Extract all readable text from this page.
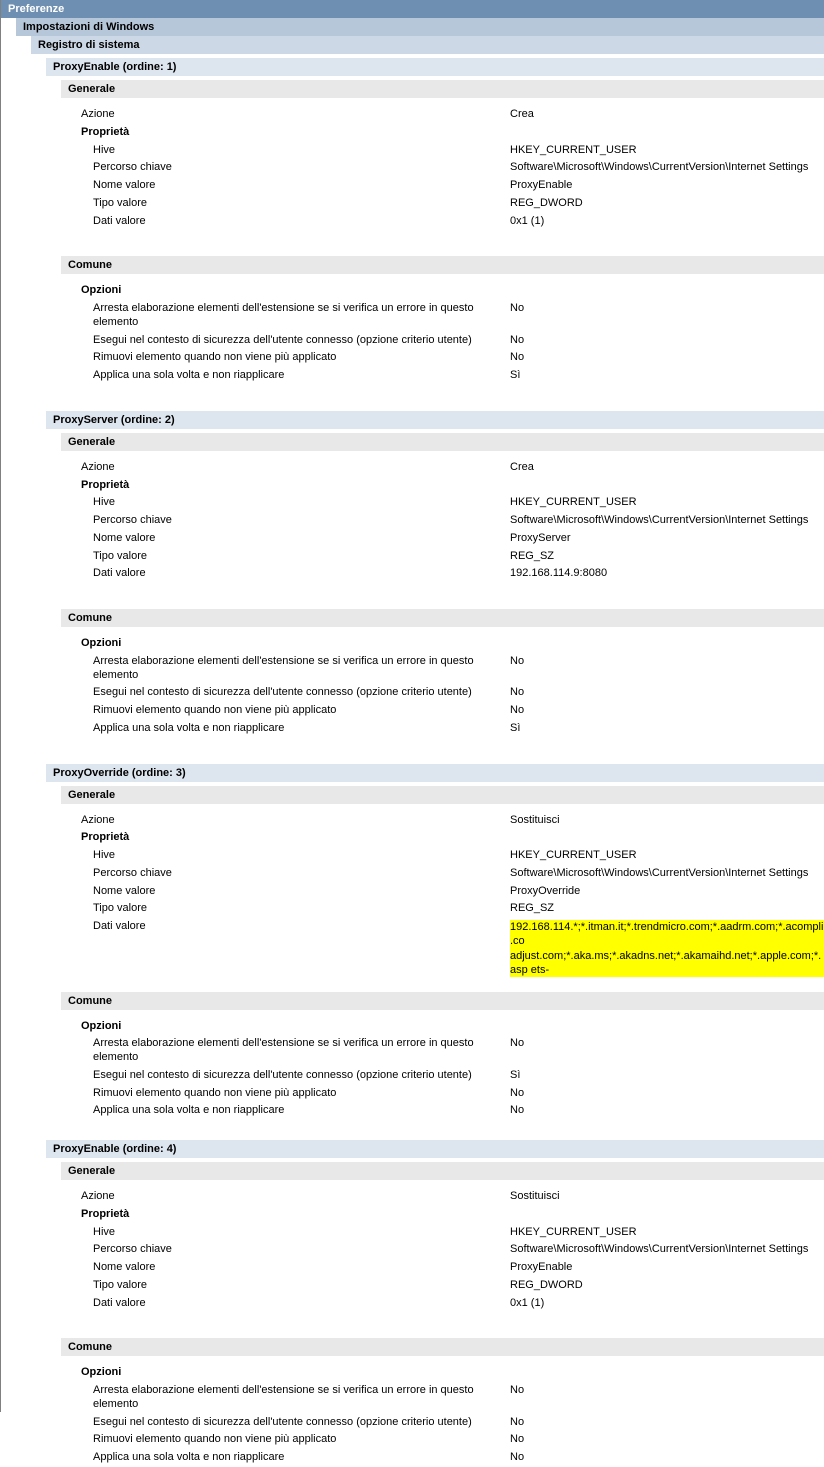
Preferenze
Impostazioni di Windows
Registro di sistema
ProxyEnable (ordine: 1)
Generale
Azione	Crea
Proprietà	
Hive	HKEY_CURRENT_USER
Percorso chiave	Software\Microsoft\Windows\CurrentVersion\Internet Settings
Nome valore	ProxyEnable
Tipo valore	REG_DWORD
Dati valore	0x1 (1)
Comune
Opzioni	
Arresta elaborazione elementi dell'estensione se si verifica un errore in questo elemento	No
Esegui nel contesto di sicurezza dell'utente connesso (opzione criterio utente)	No
Rimuovi elemento quando non viene più applicato	No
Applica una sola volta e non riapplicare	Sì
ProxyServer (ordine: 2)
Generale
Azione	Crea
Proprietà	
Hive	HKEY_CURRENT_USER
Percorso chiave	Software\Microsoft\Windows\CurrentVersion\Internet Settings
Nome valore	ProxyServer
Tipo valore	REG_SZ
Dati valore	192.168.114.9:8080
Comune
Opzioni	
Arresta elaborazione elementi dell'estensione se si verifica un errore in questo elemento	No
Esegui nel contesto di sicurezza dell'utente connesso (opzione criterio utente)	No
Rimuovi elemento quando non viene più applicato	No
Applica una sola volta e non riapplicare	Sì
ProxyOverride (ordine: 3)
Generale
Azione	Sostituisci
Proprietà	
Hive	HKEY_CURRENT_USER
Percorso chiave	Software\Microsoft\Windows\CurrentVersion\Internet Settings
Nome valore	ProxyOverride
Tipo valore	REG_SZ
Dati valore	192.168.114.*;*.itman.it;*.trendmicro.com;*.aadrm.com;*.acompli.co adjust.com;*.aka.ms;*.akadns.net;*.akamaihd.net;*.apple.com;*.asp ets-
Comune
Opzioni	
Arresta elaborazione elementi dell'estensione se si verifica un errore in questo elemento	No
Esegui nel contesto di sicurezza dell'utente connesso (opzione criterio utente)	Sì
Rimuovi elemento quando non viene più applicato	No
Applica una sola volta e non riapplicare	No
ProxyEnable (ordine: 4)
Generale
Azione	Sostituisci
Proprietà	
Hive	HKEY_CURRENT_USER
Percorso chiave	Software\Microsoft\Windows\CurrentVersion\Internet Settings
Nome valore	ProxyEnable
Tipo valore	REG_DWORD
Dati valore	0x1 (1)
Comune
Opzioni	
Arresta elaborazione elementi dell'estensione se si verifica un errore in questo elemento	No
Esegui nel contesto di sicurezza dell'utente connesso (opzione criterio utente)	No
Rimuovi elemento quando non viene più applicato	No
Applica una sola volta e non riapplicare	No
